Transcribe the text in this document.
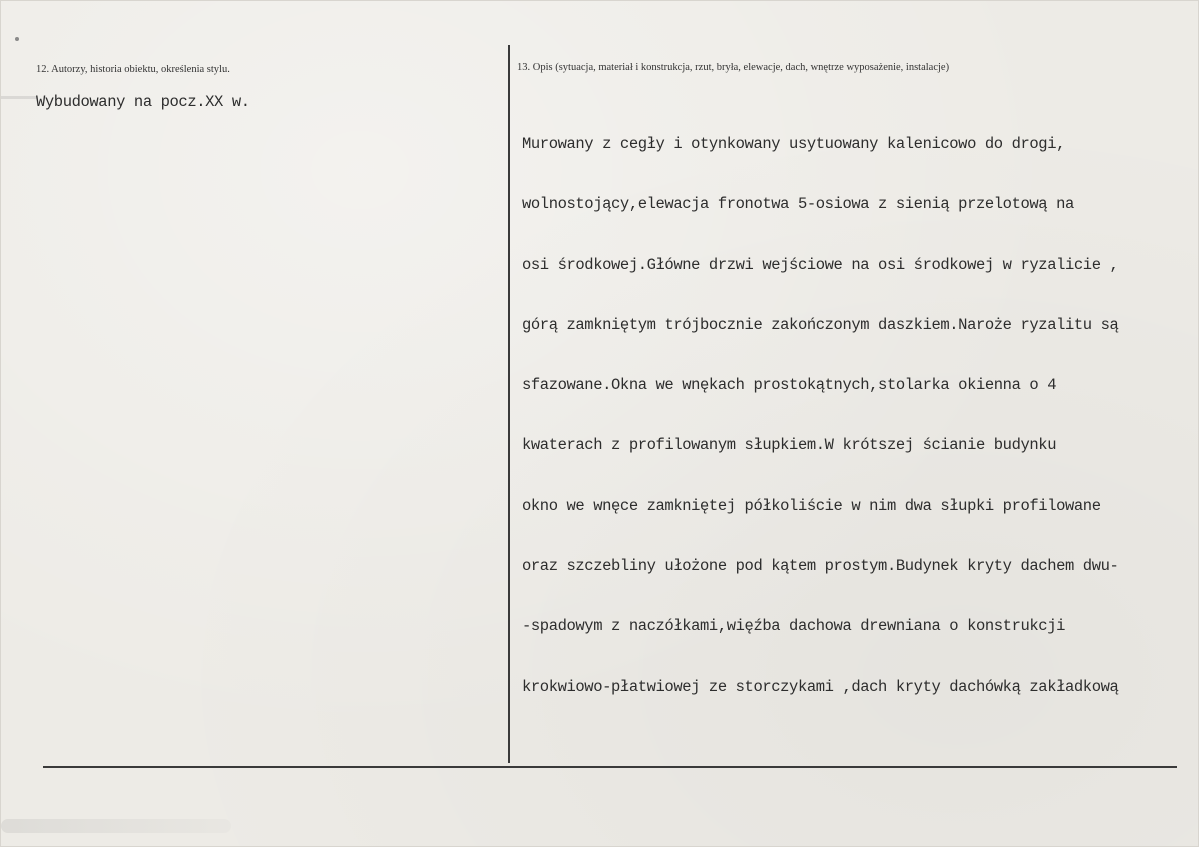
12. Autorzy, historia obiektu, określenia stylu.
Wybudowany na pocz.XX w.
13. Opis (sytuacja, materiał i konstrukcja, rzut, bryła, elewacje, dach, wnętrze wyposażenie, instalacje)

Murowany z cegły i otynkowany usytuowany kalenicowo do drogi,

wolnostojący,elewacja fronotwa 5-osiowa z sienią przelotową na

osi środkowej.Główne drzwi wejściowe na osi środkowej w ryzalicie ,

górą zamkniętym trójbocznie zakończonym daszkiem.Naroże ryzalitu są

sfazowane.Okna we wnękach prostokątnych,stolarka okienna o 4

kwaterach z profilowanym słupkiem.W krótszej ścianie budynku

okno we wnęce zamkniętej półkoliście w nim dwa słupki profilowane

oraz szczebliny ułożone pod kątem prostym.Budynek kryty dachem dwu-

-spadowym z naczółkami,więźba dachowa drewniana o konstrukcji

krokwiowo-płatwiowej ze storczykami ,dach kryty dachówką zakładkową
